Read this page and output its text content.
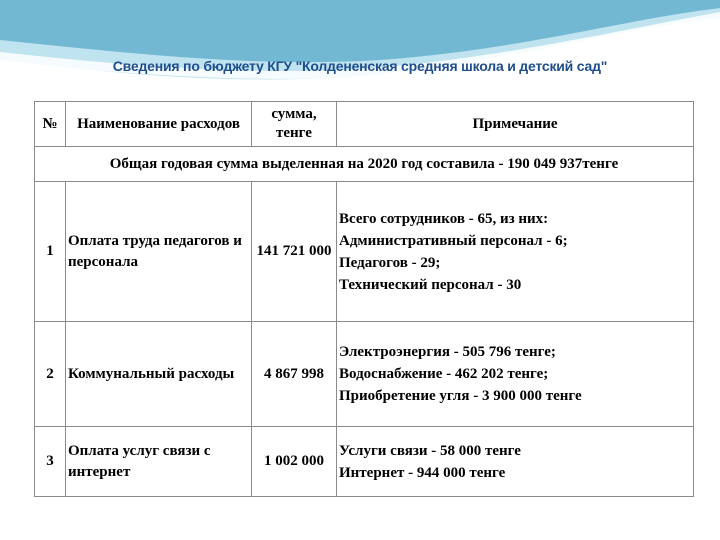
Сведения по бюджету КГУ "Колдененская средняя школа и детский сад"
№	Наименование расходов	сумма, тенге	Примечание
Общая годовая сумма выделенная на 2020 год составила - 190 049 937тенге			
1	Оплата труда педагогов и персонала	141 721 000	Всего сотрудников - 65, из них:
Административный персонал - 6;
Педагогов - 29;
Технический персонал - 30

2	Коммунальный расходы	4 867 998	Электроэнергия - 505 796 тенге;
Водоснабжение - 462 202 тенге;
Приобретение угля - 3 900 000 тенге

3	Оплата услуг связи с интернет	1 002 000	Услуги связи - 58 000 тенге
Интернет - 944 000 тенге
